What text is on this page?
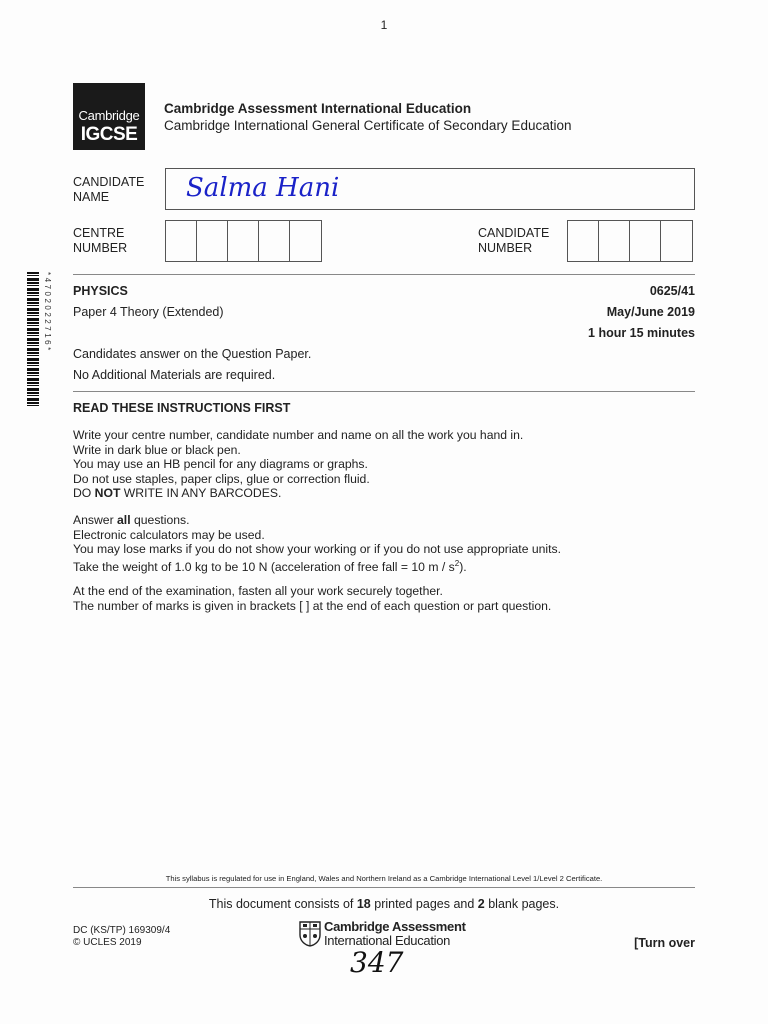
1
Cambridge
IGCSE
Cambridge Assessment International Education
Cambridge International General Certificate of Secondary Education
CANDIDATE
NAME	Salma Hani
CENTRE
NUMBER
CANDIDATE
NUMBER
*4702022716* PHYSICS	0625/41
Paper 4 Theory (Extended)	May/June 2019
1 hour 15 minutes
Candidates answer on the Question Paper.
No Additional Materials are required.
READ THESE INSTRUCTIONS FIRST
Write your centre number, candidate number and name on all the work you hand in.
Write in dark blue or black pen.
You may use an HB pencil for any diagrams or graphs.
Do not use staples, paper clips, glue or correction fluid.
DO NOT WRITE IN ANY BARCODES.
Answer all questions.
Electronic calculators may be used.
You may lose marks if you do not show your working or if you do not use appropriate units.
Take the weight of 1.0 kg to be 10 N (acceleration of free fall = 10 m / $s^2$).
At the end of the examination, fasten all your work securely together.
The number of marks is given in brackets [ ] at the end of each question or part question.
This syllabus is regulated for use in England, Wales and Northern Ireland as a Cambridge International Level 1/Level 2 Certificate.
This document consists of 18 printed pages and 2 blank pages.
DC (KS/TP) 169309/4
© UCLES 2019
Cambridge Assessment
International Education	[Turn over
347
